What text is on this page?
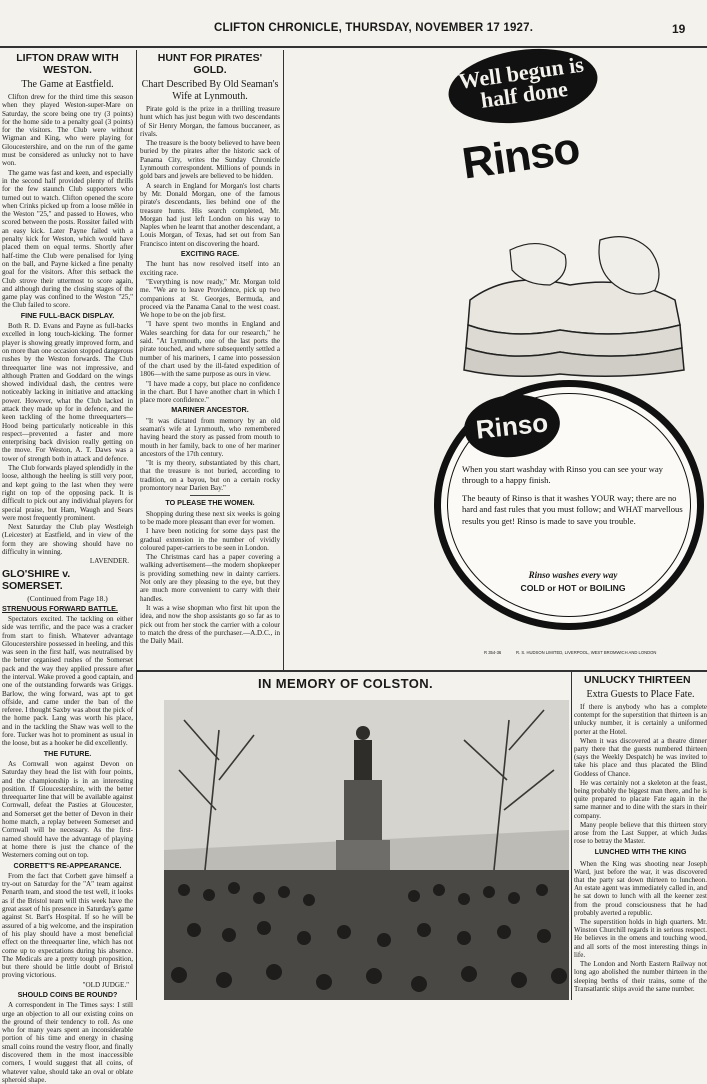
CLIFTON CHRONICLE, THURSDAY, NOVEMBER 17 1927.	19
LIFTON DRAW WITH WESTON.
The Game at Eastfield.

Clifton drew for the third time this season when they played Weston-super-Mare on Saturday, the score being one try (3 points) for the home side to a penalty goal (3 points) for the visitors. The Club were without Wigman and King, who were playing for Gloucestershire, and on the run of the game must be considered as unlucky not to have won.

The game was fast and keen, and especially in the second half provided plenty of thrills for the few staunch Club supporters who turned out to watch. Clifton opened the score when Crinks picked up from a loose mêlée in the Weston "25," and passed to Howes, who scored between the posts. Rossiter failed with an easy kick. Later Payne failed with a penalty kick for Weston, which would have placed them on equal terms. Shortly after half-time the Club were penalised for lying on the ball, and Payne kicked a fine penalty goal for the visitors. After this setback the Club strove their uttermost to score again, and although during the closing stages of the game play was confined to the Weston "25," the Club failed to score.

FINE FULL-BACK DISPLAY.

Both R. D. Evans and Payne as full-backs excelled in long touch-kicking. The former player is showing greatly improved form, and on more than one occasion stopped dangerous rushes by the Weston forwards. The Club threequarter line was not impressive, and although Pratten and Goddard on the wings showed individual dash, the centres were noticeably lacking in initiative and attacking power. However, what the Club lacked in attack they made up for in defence, and the keen tackling of the home threequarters—Hood being particularly noticeable in this respect—prevented a faster and more enterprising back division really getting on the move. For Weston, A. T. Daws was a tower of strength both in attack and defence.

The Club forwards played splendidly in the loose, although the heeling is still very poor, and kept going to the last when they were right on top of the opposing pack. It is difficult to pick out any individual players for special praise, but Ham, Waugh and Sears were most frequently prominent.

Next Saturday the Club play Westleigh (Leicester) at Eastfield, and in view of the form they are showing should have no difficulty in winning.

LAVENDER.
GLO'SHIRE v. SOMERSET.
(Continued from Page 18.)
STRENUOUS FORWARD BATTLE.

Spectators excited. The tackling on either side was terrific, and the pace was a cracker from start to finish. Whatever advantage Gloucestershire possessed in heeling, and this was seen in the first half, was neutralised by the better organised rushes of the Somerset pack and the way they applied pressure after the interval. Wake proved a good captain, and one of the outstanding forwards was Griggs. Barlow, the wing forward, was apt to get offside, and came under the ban of the referee. I thought Saxby was about the pick of the home pack. Lang was worth his place, and in the tackling the Shaw was well to the fore. Tucker was hot to prominent as usual in the loose, but as a hooker he did excellently.

THE FUTURE.

As Cornwall won against Devon on Saturday they head the list with four points, and the championship is in an interesting position. If Gloucestershire, with the better threequarter line that will be available against Cornwall, defeat the Pasties at Gloucester, and Somerset get the better of Devon in their home match, a replay between Somerset and Cornwall will be necessary. As the first-named should have the advantage of playing at home there is just the chance of the Westerners coming out on top.

CORBETT'S RE-APPEARANCE.

From the fact that Corbett gave himself a try-out on Saturday for the "A" team against Penarth team, and stood the test well, it looks as if the Bristol team will this week have the great asset of his presence in Saturday's game against St. Bart's Hospital. If so he will be assured of a big welcome, and the inspiration of his play should have a most beneficial effect on the threequarter line, which has not come up to expectations during his absence. The Medicals are a pretty tough proposition, but there should be little doubt of Bristol proving victorious.

"OLD JUDGE."
SHOULD COINS BE ROUND?

A correspondent in The Times says: I still urge an objection to all our existing coins on the ground of their tendency to roll. As one who for many years spent an inconsiderable portion of his time and energy in chasing small coins round the vestry floor, and finally discovered them in the most inaccessible corners, I would suggest that all coins, of whatever value, should take an oval or oblate spheroid shape.

HUNT FOR PIRATES' GOLD.
Chart Described By Old Seaman's Wife at Lynmouth.

Pirate gold is the prize in a thrilling treasure hunt which has just begun with two descendants of Sir Henry Morgan, the famous buccaneer, as rivals.

The treasure is the booty believed to have been buried by the pirates after the historic sack of Panama City, writes the Sunday Chronicle Lynmouth correspondent. Millions of pounds in gold bars and jewels are believed to be hidden.

A search in England for Morgan's lost charts by Mr. Donald Morgan, one of the famous pirate's descendants, lies behind one of the treasure hunts. His search completed, Mr. Morgan had just left London on his way to Naples when he learnt that another descendant, a Louis Morgan, of Texas, had set out from San Francisco intent on discovering the hoard.

EXCITING RACE.

The hunt has now resolved itself into an exciting race.

"Everything is now ready," Mr. Morgan told me. "We are to leave Providence, pick up two companions at St. Georges, Bermuda, and proceed via the Panama Canal to the west coast. We hope to be on the job first.

"I have spent two months in England and Wales searching for data for our research," he said. "At Lynmouth, one of the last ports the pirate touched, and where subsequently settled a number of his mariners, I came into possession of the chart used by the ill-fated expedition of 1806—with the same purpose as ours in view.

"I have made a copy, but place no confidence in the chart. But I have another chart in which I place more confidence."

MARINER ANCESTOR.

"It was dictated from memory by an old seaman's wife at Lynmouth, who remembered having heard the story as passed from mouth to mouth in her family, back to one of her mariner ancestors of the 17th century.

"It is my theory, substantiated by this chart, that the treasure is not buried, according to tradition, on a bayou, but on a certain rocky promontory near Darien Bay."

TO PLEASE THE WOMEN.

Shopping during these next six weeks is going to be made more pleasant than ever for women.

I have been noticing for some days past the gradual extension in the number of vividly coloured paper-carriers to be seen in London.

The Christmas card has a paper covering a walking advertisement—the modern shopkeeper is providing something new in dainty carriers. Not only are they pleasing to the eye, but they are much more convenient to carry with their handles.

It was a wise shopman who first hit upon the idea, and now the shop assistants go so far as to pick out from her stock the carrier with a colour to match the dress of the purchaser.—A.D.C., in the Daily Mail.

Well begun is half done
Rinso
Rinso

When you start washday with Rinso you can see your way through to a happy finish.

The beauty of Rinso is that it washes YOUR way; there are no hard and fast rules that you must follow; and WHAT marvellous results you get! Rinso is made to save you trouble.

Rinso washes every way
COLD or HOT or BOILING
R 354-36	R. S. HUDSON LIMITED, LIVERPOOL, WEST BROMWICH AND LONDON
IN MEMORY OF COLSTON.	UNLUCKY THIRTEEN
Extra Guests to Place Fate.

If there is anybody who has a complete contempt for the superstition that thirteen is an unlucky number, it is certainly a uniformed porter at the Hotel.

When it was discovered at a theatre dinner party there that the guests numbered thirteen (says the Weekly Despatch) he was invited to take his place and thus placated the Blind Goddess of Chance.

He was certainly not a skeleton at the feast, being probably the biggest man there, and he is quite prepared to placate Fate again in the same manner and to dine with the stars in their company.

Many people believe that this thirteen story arose from the Last Supper, at which Judas rose to betray the Master.

LUNCHED WITH THE KING

When the King was shooting near Joseph Ward, just before the war, it was discovered that the party sat down thirteen to luncheon. An estate agent was immediately called in, and he sat down to lunch with all the keener zest from the proud consciousness that he had probably averted a republic.

The superstition holds in high quarters. Mr. Winston Churchill regards it in serious respect. He believes in the omens and touching wood, and all sorts of the most interesting things in life.

The London and North Eastern Railway not long ago abolished the number thirteen in the sleeping berths of their trains, some of the Transatlantic ships avoid the same number.
